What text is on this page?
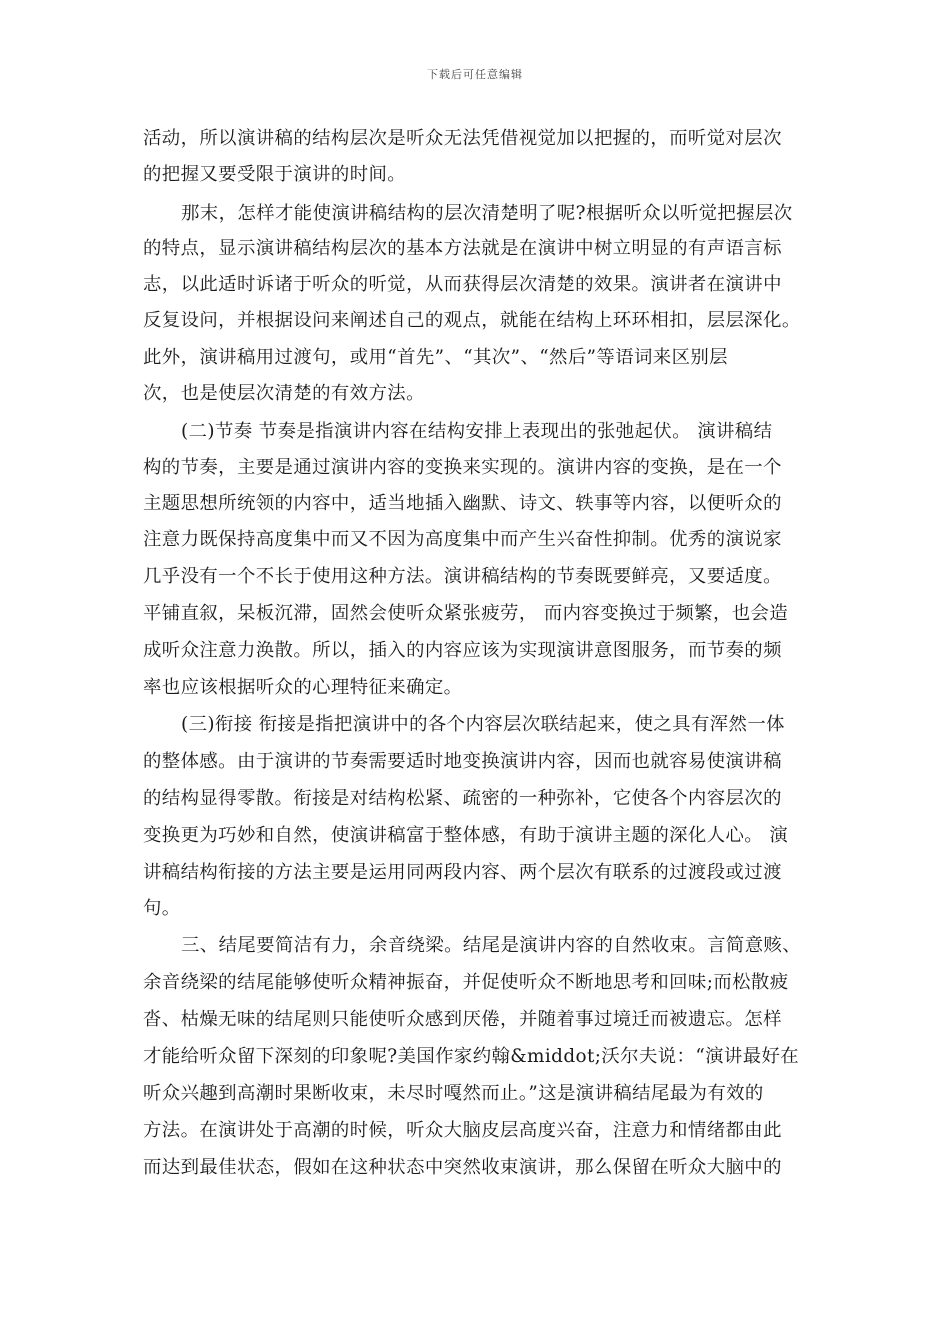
下载后可任意编辑
活动，所以演讲稿的结构层次是听众无法凭借视觉加以把握的，而听觉对层次
的把握又要受限于演讲的时间。
那末，怎样才能使演讲稿结构的层次清楚明了呢?根据听众以听觉把握层次
的特点，显示演讲稿结构层次的基本方法就是在演讲中树立明显的有声语言标
志，以此适时诉诸于听众的听觉，从而获得层次清楚的效果。演讲者在演讲中
反复设问，并根据设问来阐述自己的观点，就能在结构上环环相扣，层层深化。
此外，演讲稿用过渡句，或用“首先”、“其次”、“然后”等语词来区别层
次，也是使层次清楚的有效方法。
(二)节奏 节奏是指演讲内容在结构安排上表现出的张弛起伏。 演讲稿结
构的节奏，主要是通过演讲内容的变换来实现的。演讲内容的变换，是在一个
主题思想所统领的内容中，适当地插入幽默、诗文、轶事等内容，以便听众的
注意力既保持高度集中而又不因为高度集中而产生兴奋性抑制。优秀的演说家
几乎没有一个不长于使用这种方法。演讲稿结构的节奏既要鲜亮，又要适度。
平铺直叙，呆板沉滞，固然会使听众紧张疲劳， 而内容变换过于频繁，也会造
成听众注意力涣散。所以，插入的内容应该为实现演讲意图服务，而节奏的频
率也应该根据听众的心理特征来确定。
(三)衔接 衔接是指把演讲中的各个内容层次联结起来，使之具有浑然一体
的整体感。由于演讲的节奏需要适时地变换演讲内容，因而也就容易使演讲稿
的结构显得零散。衔接是对结构松紧、疏密的一种弥补，它使各个内容层次的
变换更为巧妙和自然，使演讲稿富于整体感，有助于演讲主题的深化人心。 演
讲稿结构衔接的方法主要是运用同两段内容、两个层次有联系的过渡段或过渡
句。
三、结尾要简洁有力，余音绕梁。结尾是演讲内容的自然收束。言简意赅、
余音绕梁的结尾能够使听众精神振奋，并促使听众不断地思考和回味;而松散疲
沓、枯燥无味的结尾则只能使听众感到厌倦，并随着事过境迁而被遗忘。怎样
才能给听众留下深刻的印象呢?美国作家约翰&middot;沃尔夫说：“演讲最好在
听众兴趣到高潮时果断收束，未尽时嘎然而止。”这是演讲稿结尾最为有效的
方法。在演讲处于高潮的时候，听众大脑皮层高度兴奋，注意力和情绪都由此
而达到最佳状态，假如在这种状态中突然收束演讲，那么保留在听众大脑中的
